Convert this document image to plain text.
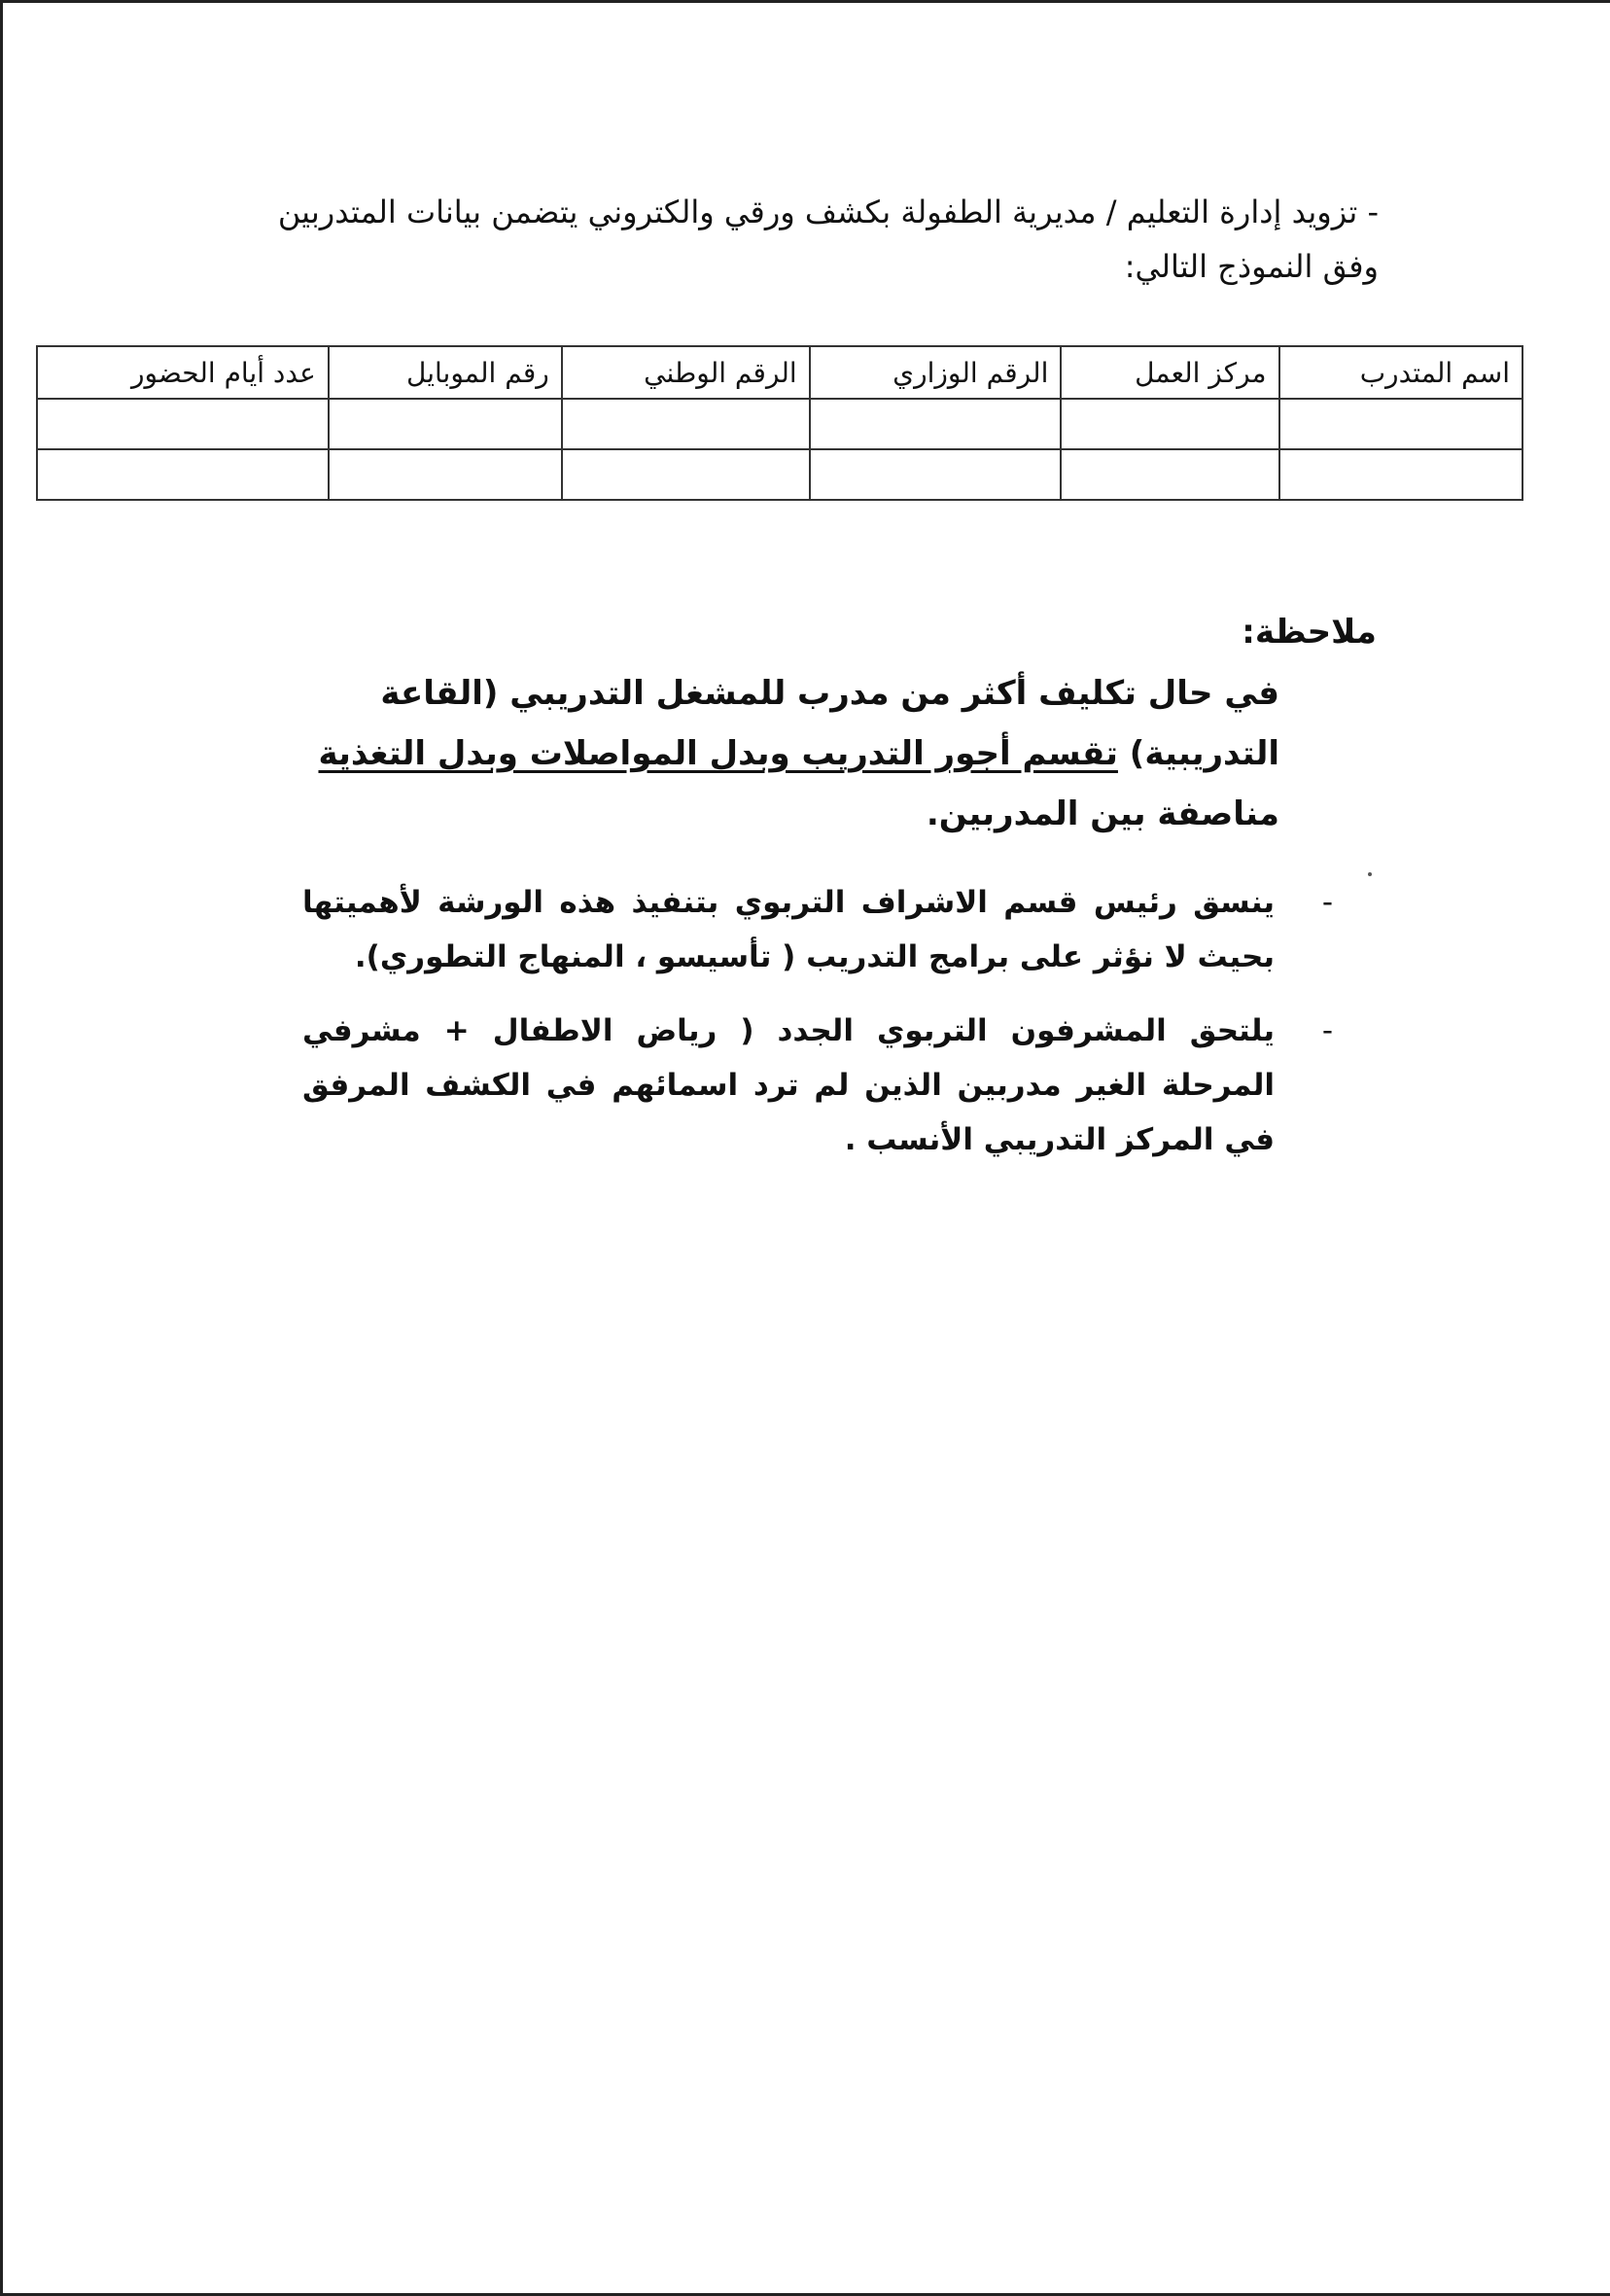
- تزويد إدارة التعليم / مديرية الطفولة بكشف ورقي والكتروني يتضمن بيانات المتدربين وفق النموذج التالي:
اسم المتدرب	مركز العمل	الرقم الوزاري	الرقم الوطني	رقم الموبايل	عدد أيام الحضور

ملاحظة:
في حال تكليف أكثر من مدرب للمشغل التدريبي (القاعة التدريبية) تقسم أجور التدريب وبدل المواصلات وبدل التغذية مناصفة بين المدربين.
-
ينسق رئيس قسم الاشراف التربوي بتنفيذ هذه الورشة لأهميتها بحيث لا نؤثر على برامج التدريب ( تأسيسو ، المنهاج التطوري).
-
يلتحق المشرفون التربوي الجدد ( رياض الاطفال + مشرفي المرحلة الغير مدربين الذين لم ترد اسمائهم في الكشف المرفق في المركز التدريبي الأنسب .
